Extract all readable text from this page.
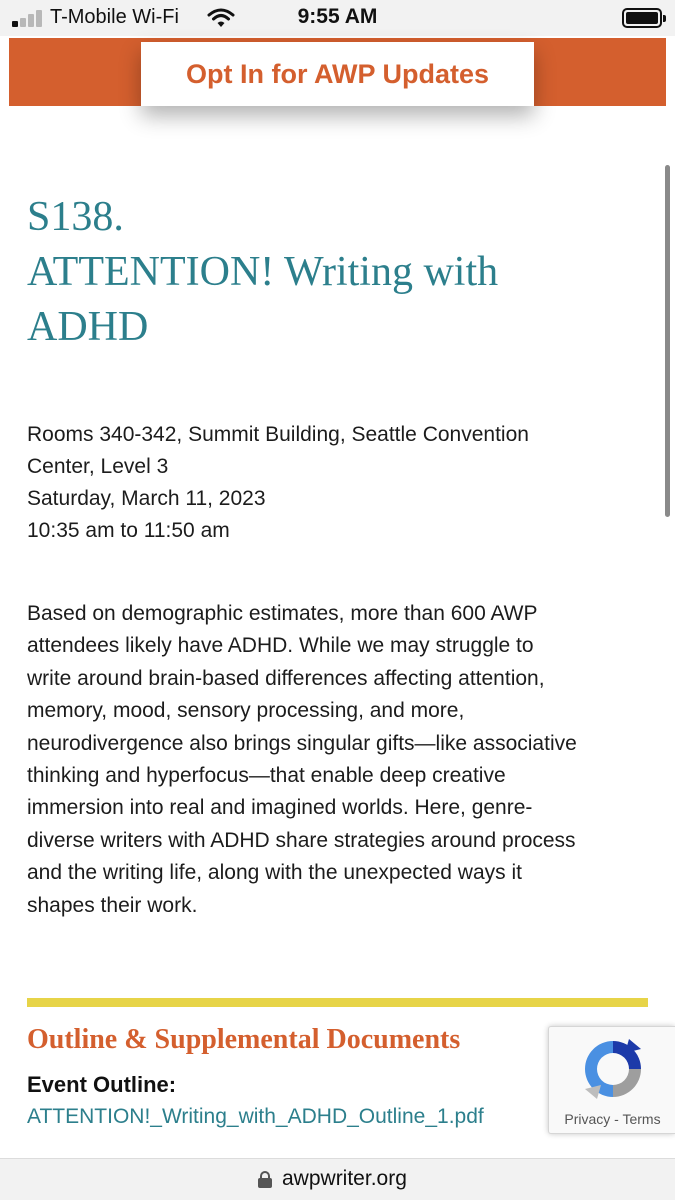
T-Mobile Wi-Fi	9:55 AM
Opt In for AWP Updates
S138.
ATTENTION! Writing with
ADHD
Rooms 340-342, Summit Building, Seattle Convention
Center, Level 3
Saturday, March 11, 2023
10:35 am to 11:50 am
Based on demographic estimates, more than 600 AWP
attendees likely have ADHD. While we may struggle to
write around brain-based differences affecting attention,
memory, mood, sensory processing, and more,
neurodivergence also brings singular gifts—like associative
thinking and hyperfocus—that enable deep creative
immersion into real and imagined worlds. Here, genre-
diverse writers with ADHD share strategies around process
and the writing life, along with the unexpected ways it
shapes their work.
Outline & Supplemental Documents
Event Outline:
ATTENTION!_Writing_with_ADHD_Outline_1.pdf	Privacy - Terms
awpwriter.org
